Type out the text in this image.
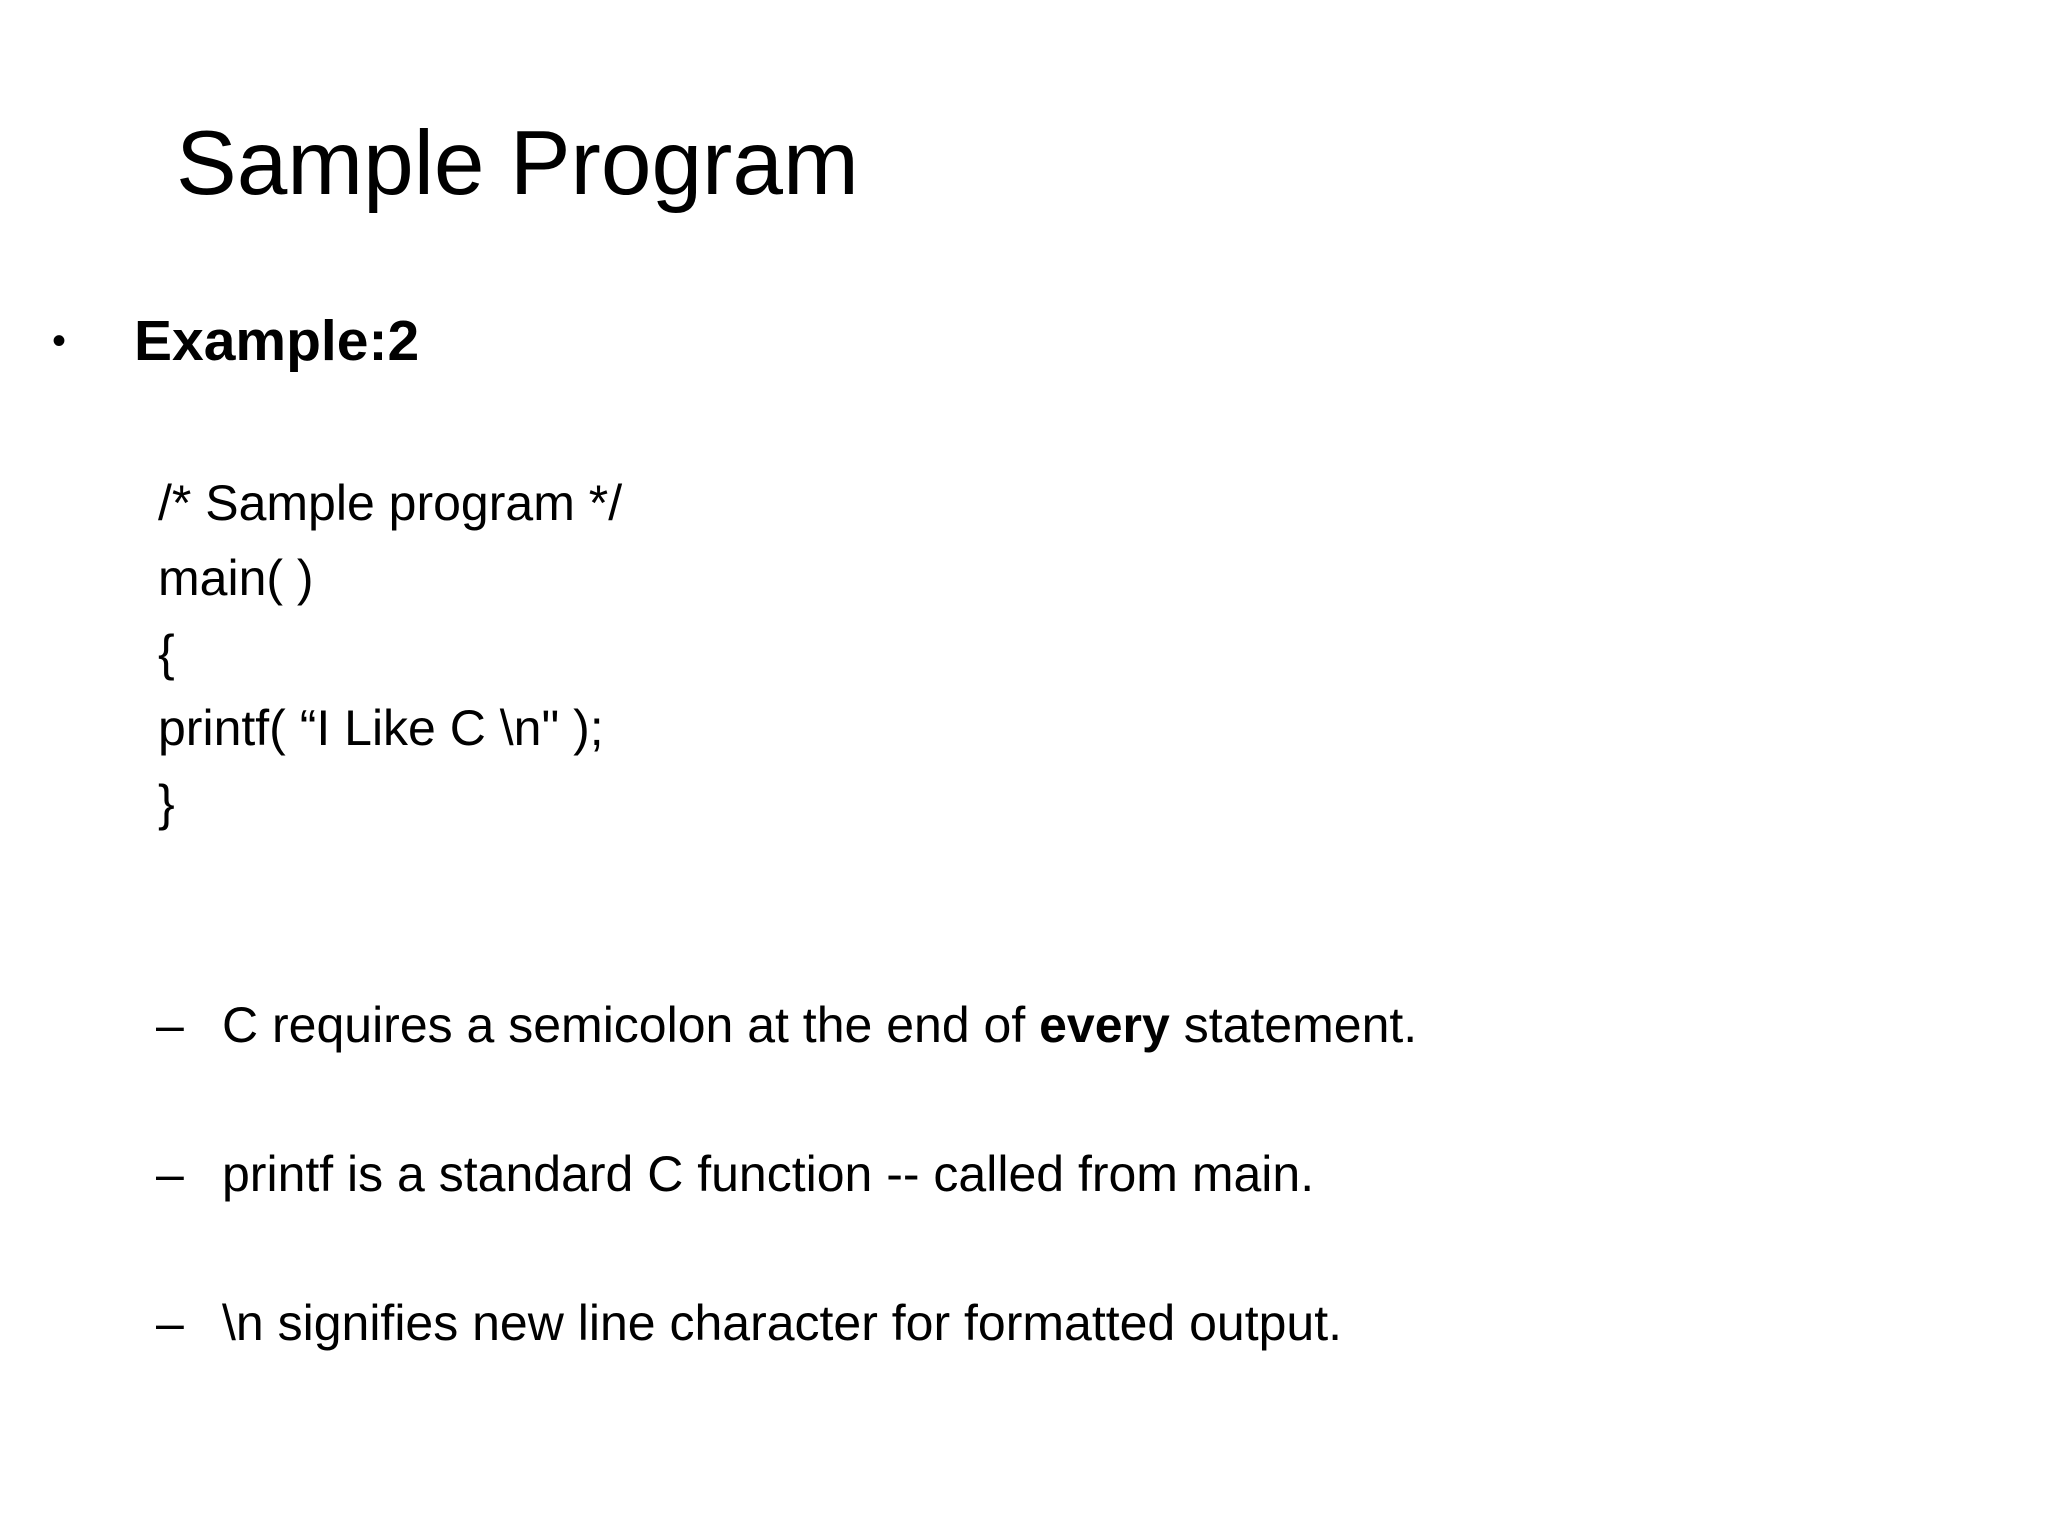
Sample Program
•	Example:2
/* Sample program */
main( )
{
printf( “I Like C \n" );
}
– C requires a semicolon at the end of every statement.
– printf is a standard C function -- called from main.
– \n signifies new line character for formatted output.
